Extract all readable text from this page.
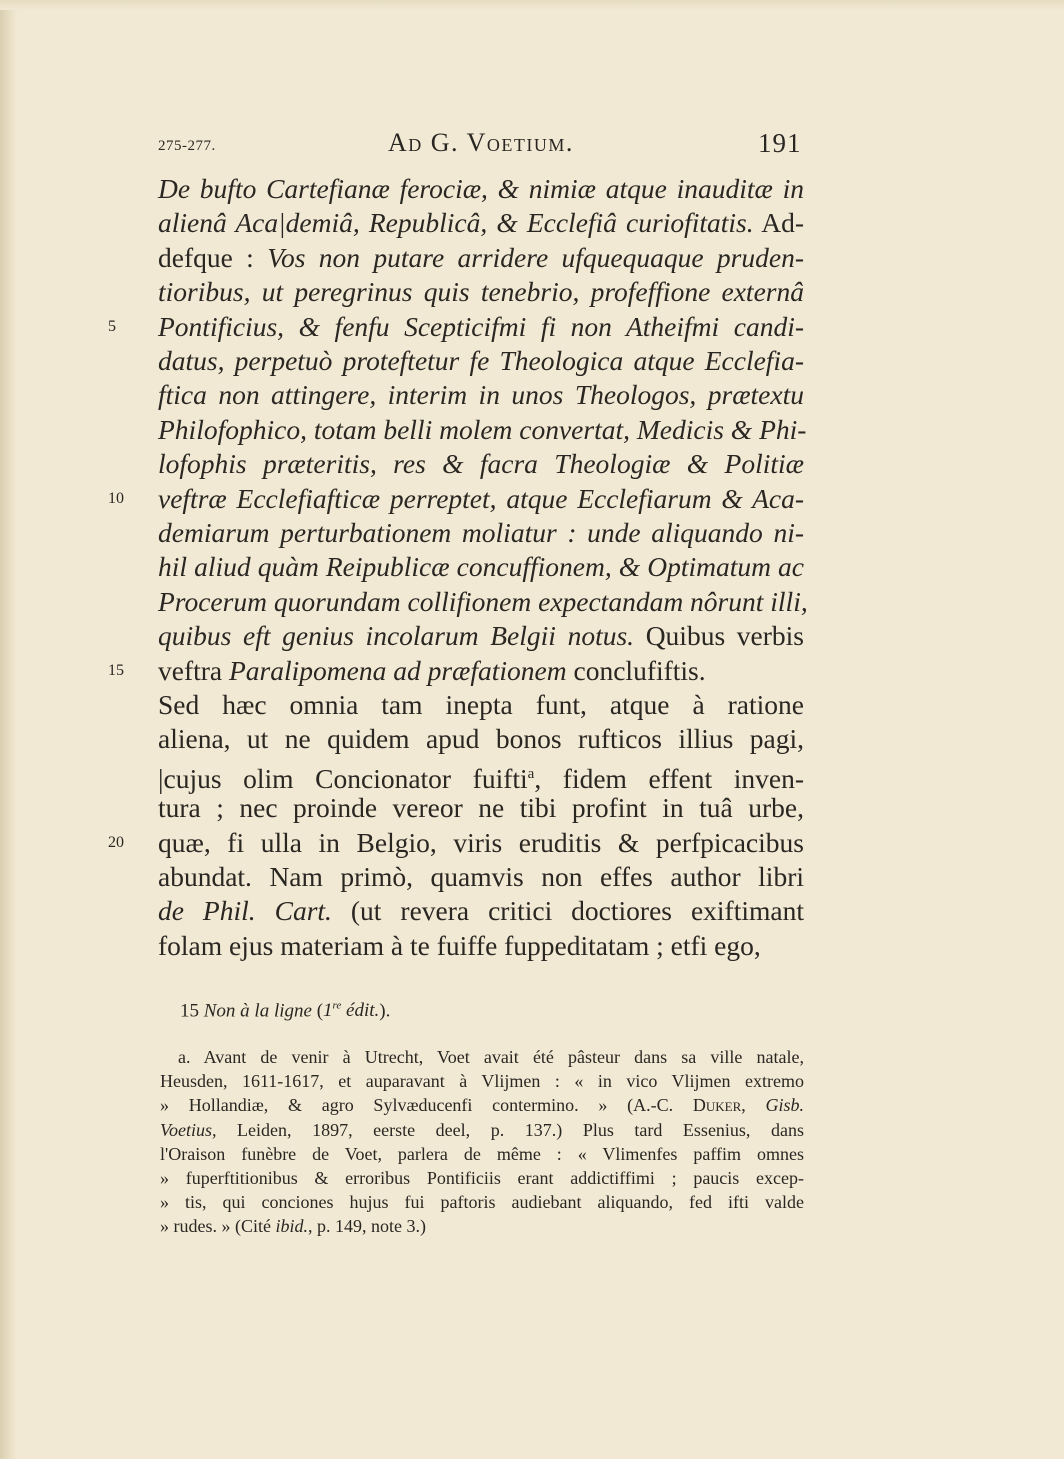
275-277.	Ad G. Voetium.	191
De bufto Cartefianæ ferociæ, & nimiæ atque inauditæ in
alienâ Aca|demiâ, Republicâ, & Ecclefiâ curiofitatis. Ad-
defque : Vos non putare arridere ufquequaque pruden-
tioribus, ut peregrinus quis tenebrio, profeffione externâ
Pontificius, & fenfu Scepticifmi fi non Atheifmi candi-
datus, perpetuò proteftetur fe Theologica atque Ecclefia-
ftica non attingere, interim in unos Theologos, prætextu
Philofophico, totam belli molem convertat, Medicis & Phi-
lofophis præteritis, res & facra Theologiæ & Politiæ
veftræ Ecclefiafticæ perreptet, atque Ecclefiarum & Aca-
demiarum perturbationem moliatur : unde aliquando ni-
hil aliud quàm Reipublicæ concuffionem, & Optimatum ac
Procerum quorundam collifionem expectandam nôrunt illi,
quibus eft genius incolarum Belgii notus. Quibus verbis
veftra Paralipomena ad præfationem conclufiftis.
Sed hæc omnia tam inepta funt, atque à ratione
aliena, ut ne quidem apud bonos rufticos illius pagi,
|cujus olim Concionator fuifti$^a$, fidem effent inven-
tura ; nec proinde vereor ne tibi profint in tuâ urbe,
quæ, fi ulla in Belgio, viris eruditis & perfpicacibus
abundat. Nam primò, quamvis non effes author libri
de Phil. Cart. (ut revera critici doctiores exiftimant
folam ejus materiam à te fuiffe fuppeditatam ; etfi ego,
5
10
15
20
15 Non à la ligne (1re édit.).
a. Avant de venir à Utrecht, Voet avait été pâsteur dans sa ville natale,
Heusden, 1611-1617, et auparavant à Vlijmen : « in vico Vlijmen extremo
» Hollandiæ, & agro Sylvæducenfi contermino. » (A.-C. Duker, Gisb.
Voetius, Leiden, 1897, eerste deel, p. 137.) Plus tard Essenius, dans
l'Oraison funèbre de Voet, parlera de même : « Vlimenfes paffim omnes
» fuperftitionibus & erroribus Pontificiis erant addictiffimi ; paucis excep-
» tis, qui conciones hujus fui paftoris audiebant aliquando, fed ifti valde
» rudes. » (Cité ibid., p. 149, note 3.)
